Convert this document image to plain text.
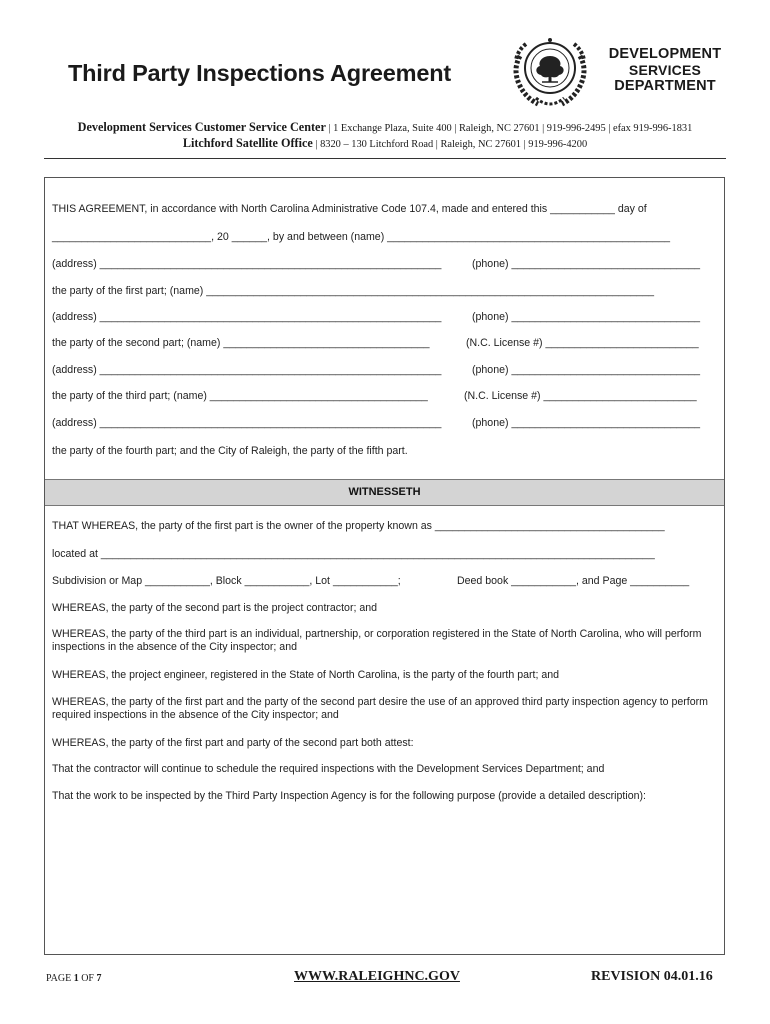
Third Party Inspections Agreement
DEVELOPMENT
SERVICES
DEPARTMENT
Development Services Customer Service Center | 1 Exchange Plaza, Suite 400 | Raleigh, NC 27601 | 919-996-2495 | efax 919-996-1831
Litchford Satellite Office | 8320 – 130 Litchford Road | Raleigh, NC 27601 | 919-996-4200
THIS AGREEMENT, in accordance with North Carolina Administrative Code 107.4, made and entered this ___________ day of
___________________________, 20 ______, by and between (name) ________________________________________________
(address) __________________________________________________________	(phone) ________________________________
the party of the first part; (name) ____________________________________________________________________________
(address) __________________________________________________________	(phone) ________________________________
the party of the second part; (name) ___________________________________	(N.C. License #) __________________________
(address) __________________________________________________________	(phone) ________________________________
the party of the third part; (name) _____________________________________	(N.C. License #) __________________________
(address) __________________________________________________________	(phone) ________________________________
the party of the fourth part; and the City of Raleigh, the party of the fifth part.
WITNESSETH
THAT WHEREAS, the party of the first part is the owner of the property known as _______________________________________
located at ______________________________________________________________________________________________
Subdivision or Map ___________, Block ___________, Lot ___________;	Deed book ___________, and Page __________
WHEREAS, the party of the second part is the project contractor; and
WHEREAS, the party of the third part is an individual, partnership, or corporation registered in the State of North Carolina, who will perform inspections in the absence of the City inspector; and
WHEREAS, the project engineer, registered in the State of North Carolina, is the party of the fourth part; and
WHEREAS, the party of the first part and the party of the second part desire the use of an approved third party inspection agency to perform required inspections in the absence of the City inspector; and
WHEREAS, the party of the first part and party of the second part both attest:
That the contractor will continue to schedule the required inspections with the Development Services Department; and
That the work to be inspected by the Third Party Inspection Agency is for the following purpose (provide a detailed description):
PAGE 1 OF 7	WWW.RALEIGHNC.GOV	REVISION 04.01.16
